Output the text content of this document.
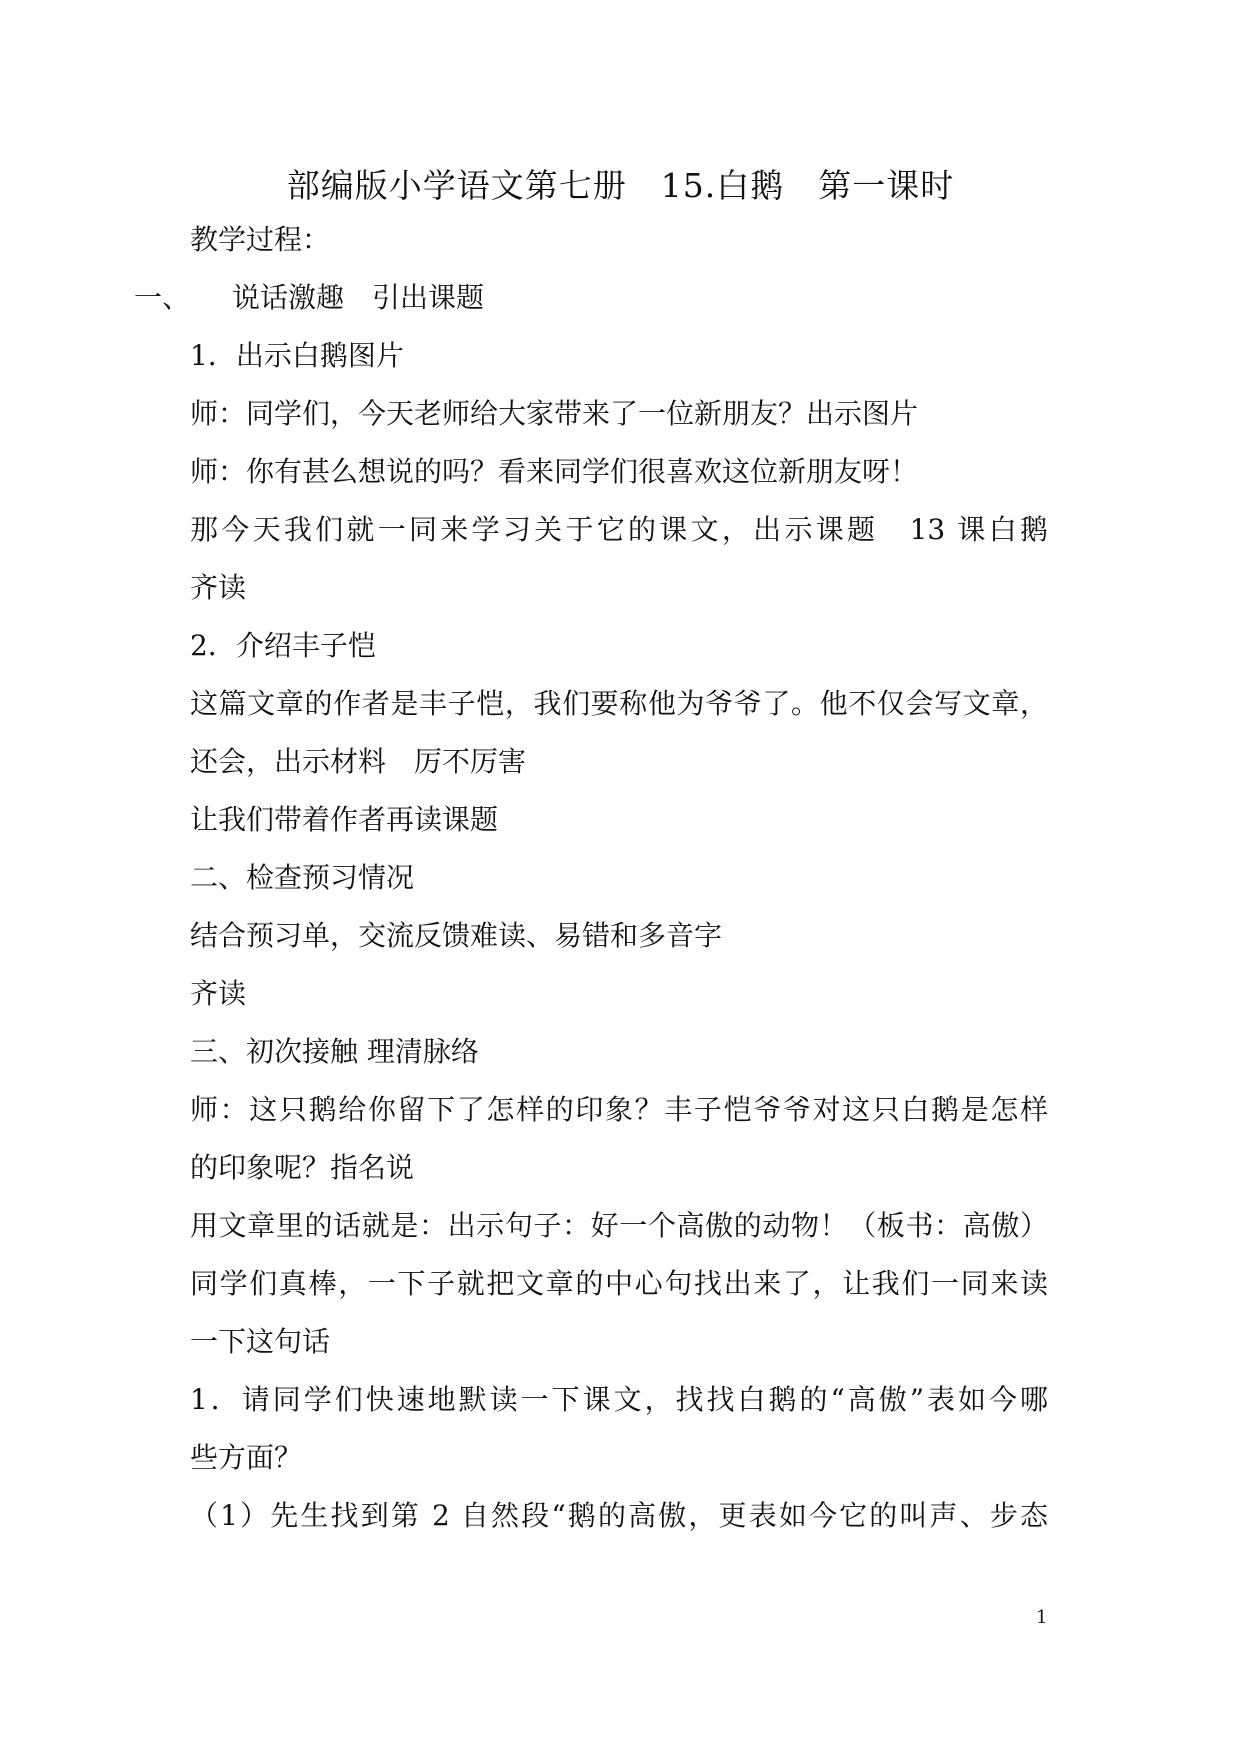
部编版小学语文第七册　15.白鹅　第一课时
教学过程：
一、 说话激趣　引出课题
1．出示白鹅图片
师：同学们，今天老师给大家带来了一位新朋友？出示图片
师：你有甚么想说的吗？看来同学们很喜欢这位新朋友呀！
那今天我们就一同来学习关于它的课文，出示课题　13 课白鹅
齐读
2．介绍丰子恺
这篇文章的作者是丰子恺，我们要称他为爷爷了。他不仅会写文章，
还会，出示材料　厉不厉害
让我们带着作者再读课题
二、检查预习情况
结合预习单，交流反馈难读、易错和多音字
齐读
三、初次接触 理清脉络
师：这只鹅给你留下了怎样的印象？丰子恺爷爷对这只白鹅是怎样
的印象呢？指名说
用文章里的话就是：出示句子：好一个高傲的动物！（板书：高傲）
同学们真棒，一下子就把文章的中心句找出来了，让我们一同来读
一下这句话
1．请同学们快速地默读一下课文，找找白鹅的“高傲”表如今哪
些方面？
（1）先生找到第 2 自然段“鹅的高傲，更表如今它的叫声、步态
1
